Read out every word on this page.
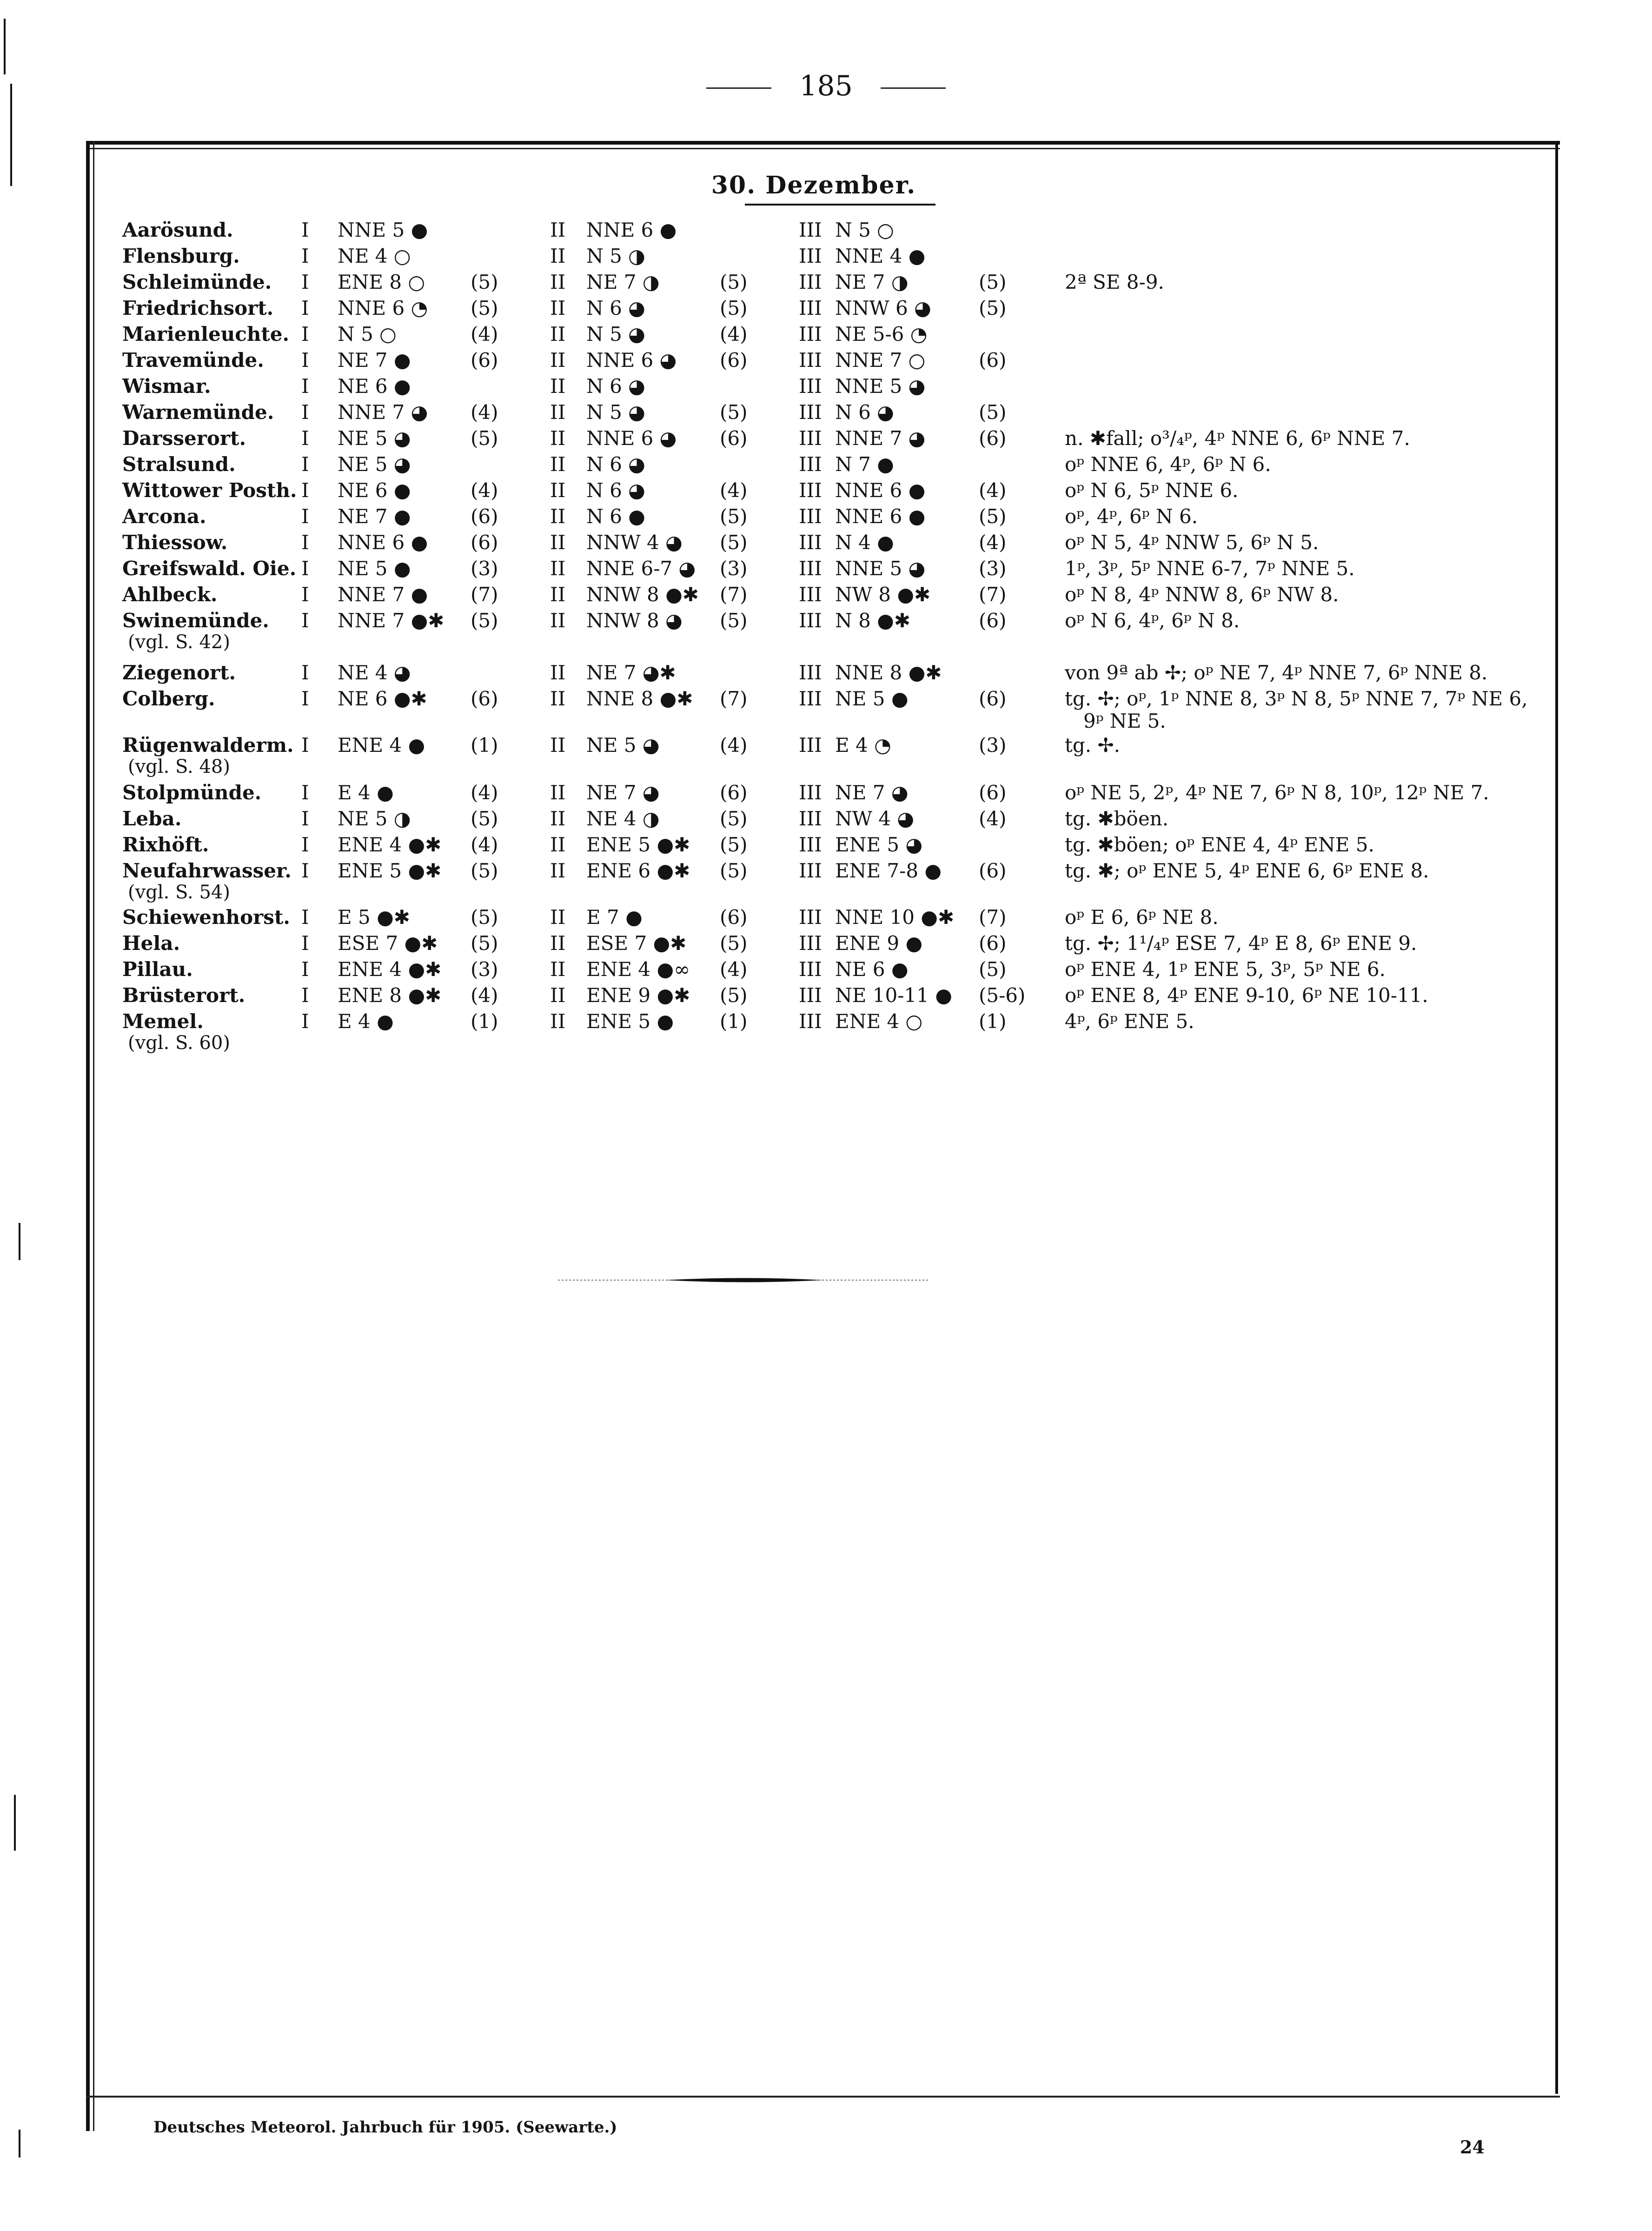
185
30. Dezember.
Aarösund.	I NNE 5 ●	II NNE 6 ●	III N 5 ○
Flensburg.	I NE 4 ○	II N 5 ◑	III NNE 4 ●
Schleimünde. I ENE 8 ○ (5)	II NE 7 ◑	(5)	III NE 7 ◑	(5)	2ª SE 8-9.
Friedrichsort. I NNE 6 ◔ (5)	II N 6 ◕	(5)	III NNW 6 ◕ (5)
Marienleuchte. I N 5 ○	(4)	II N 5 ◕	(4)	III NE 5-6 ◔
Travemünde. I NE 7 ●	(6)	II NNE 6 ◕ (6)	III NNE 7 ○	(6)
Wismar.	I NE 6 ●	II N 6 ◕	III NNE 5 ◕
Warnemünde. I NNE 7 ◕ (4)	II N 5 ◕	(5)	III N 6 ◕	(5)
Darsserort.	I NE 5 ◕	(5)	II NNE 6 ◕ (6)	III NNE 7 ◕	(6)	n. ✱fall; o³/₄ᵖ, 4ᵖ NNE 6, 6ᵖ NNE 7.
Stralsund.	I NE 5 ◕	II N 6 ◕	III N 7 ●	oᵖ NNE 6, 4ᵖ, 6ᵖ N 6.
Wittower Posth. I NE 6 ●	(4)	II N 6 ◕	(4)	III NNE 6 ●	(4)	oᵖ N 6, 5ᵖ NNE 6.
Arcona.	I NE 7 ●	(6)	II N 6 ●	(5)	III NNE 6 ●	(5)	oᵖ, 4ᵖ, 6ᵖ N 6.
Thiessow.	I NNE 6 ● (6)	II NNW 4 ◕ (5)	III N 4 ●	(4)	oᵖ N 5, 4ᵖ NNW 5, 6ᵖ N 5.
Greifswald. Oie. I NE 5 ●	(3)	II NNE 6-7 ◕ (3)	III NNE 5 ◕	(3)	1ᵖ, 3ᵖ, 5ᵖ NNE 6-7, 7ᵖ NNE 5.
Ahlbeck.	I NNE 7 ● (7)	II NNW 8 ●✱ (7)	III NW 8 ●✱ (7)	oᵖ N 8, 4ᵖ NNW 8, 6ᵖ NW 8.
Swinemünde. I NNE 7 ●✱ (5)	II NNW 8 ◕ (5)	III N 8 ●✱	(6)	oᵖ N 6, 4ᵖ, 6ᵖ N 8.
(vgl. S. 42)
Ziegenort.	I NE 4 ◕	II NE 7 ◕✱	III NNE 8 ●✱	von 9ª ab ✢; oᵖ NE 7, 4ᵖ NNE 7, 6ᵖ NNE 8.
Colberg.	I NE 6 ●✱ (6)	II NNE 8 ●✱ (7)	III NE 5 ●	(6)	tg. ✢; oᵖ, 1ᵖ NNE 8, 3ᵖ N 8, 5ᵖ NNE 7, 7ᵖ NE 6,
9ᵖ NE 5.
Rügenwalderm. I ENE 4 ● (1)	II NE 5 ◕	(4)	III E 4 ◔	(3)	tg. ✢.
(vgl. S. 48)
Stolpmünde. I E 4 ●	(4)	II NE 7 ◕	(6)	III NE 7 ◕	(6)	oᵖ NE 5, 2ᵖ, 4ᵖ NE 7, 6ᵖ N 8, 10ᵖ, 12ᵖ NE 7.
Leba.	I NE 5 ◑	(5)	II NE 4 ◑	(5)	III NW 4 ◕	(4)	tg. ✱böen.
Rixhöft.	I ENE 4 ●✱ (4)	II ENE 5 ●✱ (5)	III ENE 5 ◕	tg. ✱böen; oᵖ ENE 4, 4ᵖ ENE 5.
Neufahrwasser. I ENE 5 ●✱ (5)	II ENE 6 ●✱ (5)	III ENE 7-8 ● (6)	tg. ✱; oᵖ ENE 5, 4ᵖ ENE 6, 6ᵖ ENE 8.
(vgl. S. 54)
Schiewenhorst. I E 5 ●✱	(5)	II E 7 ●	(6)	III NNE 10 ●✱ (7)	oᵖ E 6, 6ᵖ NE 8.
Hela.	I ESE 7 ●✱ (5)	II ESE 7 ●✱ (5)	III ENE 9 ●	(6)	tg. ✢; 1¹/₄ᵖ ESE 7, 4ᵖ E 8, 6ᵖ ENE 9.
Pillau.	I ENE 4 ●✱ (3)	II ENE 4 ●∞ (4)	III NE 6 ●	(5)	oᵖ ENE 4, 1ᵖ ENE 5, 3ᵖ, 5ᵖ NE 6.
Brüsterort.	I ENE 8 ●✱ (4)	II ENE 9 ●✱ (5)	III NE 10-11 ● (5-6) oᵖ ENE 8, 4ᵖ ENE 9-10, 6ᵖ NE 10-11.
Memel.	I E 4 ●	(1)	II ENE 5 ● (1)	III ENE 4 ○	(1)	4ᵖ, 6ᵖ ENE 5.
(vgl. S. 60)
Deutsches Meteorol. Jahrbuch für 1905. (Seewarte.)
24
